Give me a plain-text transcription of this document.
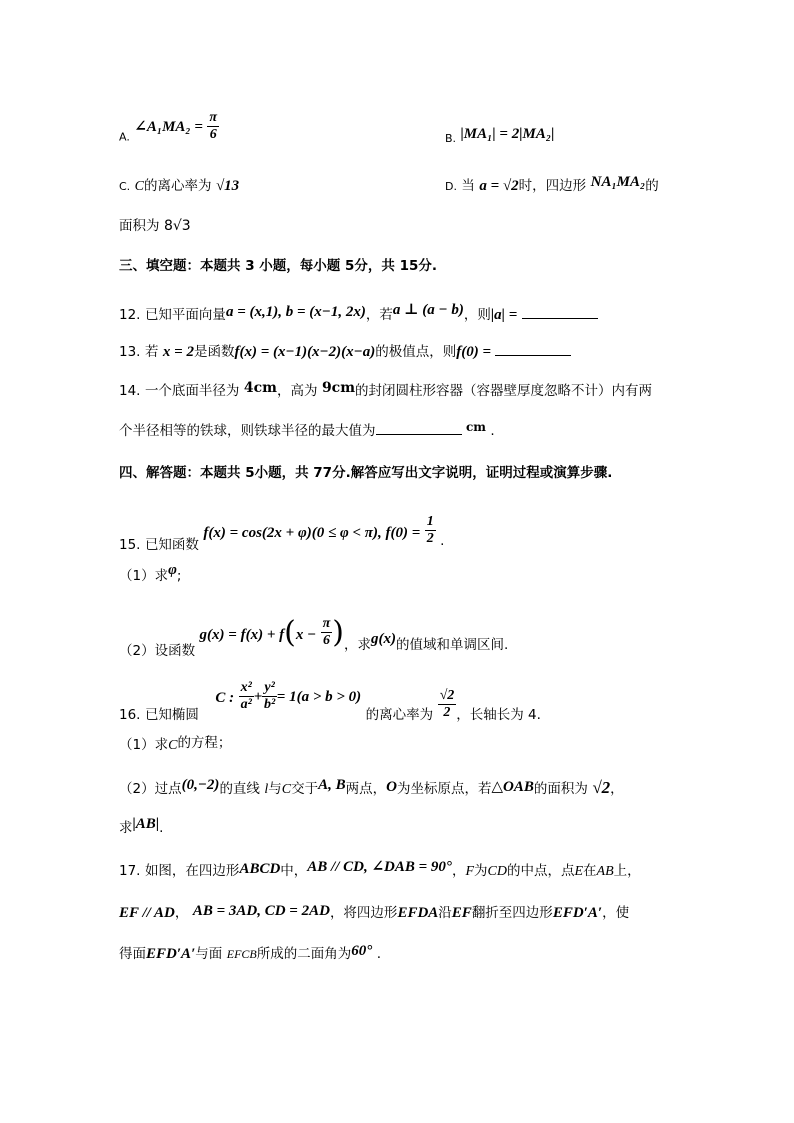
A. ∠A₁MA₂ = $\frac{\pi}{6}$	B. |MA₁| = 2|MA₂|
C. C的离心率为 √13	D. 当 a = √2时，四边形 NA₁MA₂的
面积为 8√3
三、填空题：本题共 3 小题，每小题 5分，共 15分.
12. 已知平面向量a = (x,1), b = (x−1, 2x)，若a ⊥ (a − b)，则|a| =
13. 若 x = 2是函数f(x) = (x−1)(x−2)(x−a)的极值点，则f(0) =
14. 一个底面半径为 4cm，高为 9cm的封闭圆柱形容器（容器壁厚度忽略不计）内有两
个半径相等的铁球，则铁球半径的最大值为	cm .
四、解答题：本题共 5小题，共 77分.解答应写出文字说明，证明过程或演算步骤.
15. 已知函数 f(x) = cos(2x + φ)(0 ≤ φ < π), $f(0) = \frac{1}{2}$ .
（1）求φ;
（2）设函数 $g(x) = f(x) + f(x - \frac{\pi}{6}$ )，求g(x)的值域和单调区间.
16. 已知椭圆 C : $\frac{\text{x²}}{\text{a²}} + \frac{\text{y²}}{\text{b²}} = 1(a > b > 0)$ 的离心率为 $\frac{√2}{2}$ ，长轴长为 4.
（1）求C的方程；
（2）过点(0,−2)的直线 l与C交于A, B两点，O为坐标原点，若△OAB的面积为 √2，
求|AB|.
17. 如图，在四边形ABCD中，AB // CD, ∠DAB = 90°，F为CD的中点，点E在AB上，
EF // AD， AB = 3AD, CD = 2AD，将四边形EFDA沿EF翻折至四边形EFD′A′，使
得面EFD′A′与面 EFCB所成的二面角为60° .
